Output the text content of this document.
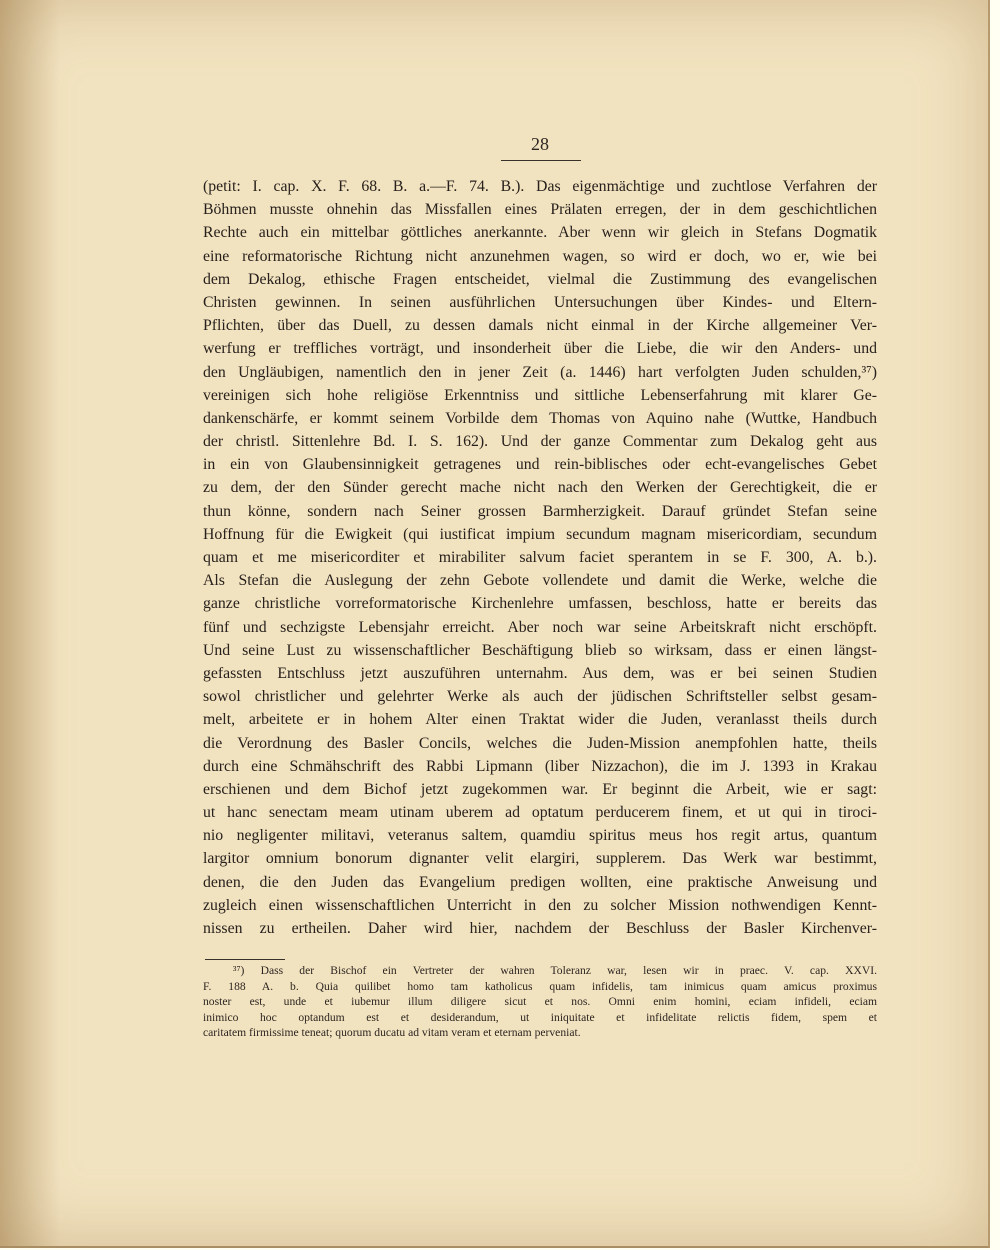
28
(petit: I. cap. X. F. 68. B. a.—F. 74. B.). Das eigenmächtige und zuchtlose Verfahren der
Böhmen musste ohnehin das Missfallen eines Prälaten erregen, der in dem geschichtlichen
Rechte auch ein mittelbar göttliches anerkannte. Aber wenn wir gleich in Stefans Dogmatik
eine reformatorische Richtung nicht anzunehmen wagen, so wird er doch, wo er, wie bei
dem Dekalog, ethische Fragen entscheidet, vielmal die Zustimmung des evangelischen
Christen gewinnen. In seinen ausführlichen Untersuchungen über Kindes- und Eltern-
Pflichten, über das Duell, zu dessen damals nicht einmal in der Kirche allgemeiner Ver-
werfung er treffliches vorträgt, und insonderheit über die Liebe, die wir den Anders- und
den Ungläubigen, namentlich den in jener Zeit (a. 1446) hart verfolgten Juden schulden,³⁷)
vereinigen sich hohe religiöse Erkenntniss und sittliche Lebenserfahrung mit klarer Ge-
dankenschärfe, er kommt seinem Vorbilde dem Thomas von Aquino nahe (Wuttke, Handbuch
der christl. Sittenlehre Bd. I. S. 162). Und der ganze Commentar zum Dekalog geht aus
in ein von Glaubensinnigkeit getragenes und rein-biblisches oder echt-evangelisches Gebet
zu dem, der den Sünder gerecht mache nicht nach den Werken der Gerechtigkeit, die er
thun könne, sondern nach Seiner grossen Barmherzigkeit. Darauf gründet Stefan seine
Hoffnung für die Ewigkeit (qui iustificat impium secundum magnam misericordiam, secundum
quam et me misericorditer et mirabiliter salvum faciet sperantem in se F. 300, A. b.).
Als Stefan die Auslegung der zehn Gebote vollendete und damit die Werke, welche die
ganze christliche vorreformatorische Kirchenlehre umfassen, beschloss, hatte er bereits das
fünf und sechzigste Lebensjahr erreicht. Aber noch war seine Arbeitskraft nicht erschöpft.
Und seine Lust zu wissenschaftlicher Beschäftigung blieb so wirksam, dass er einen längst-
gefassten Entschluss jetzt auszuführen unternahm. Aus dem, was er bei seinen Studien
sowol christlicher und gelehrter Werke als auch der jüdischen Schriftsteller selbst gesam-
melt, arbeitete er in hohem Alter einen Traktat wider die Juden, veranlasst theils durch
die Verordnung des Basler Concils, welches die Juden-Mission anempfohlen hatte, theils
durch eine Schmähschrift des Rabbi Lipmann (liber Nizzachon), die im J. 1393 in Krakau
erschienen und dem Bichof jetzt zugekommen war. Er beginnt die Arbeit, wie er sagt:
ut hanc senectam meam utinam uberem ad optatum perducerem finem, et ut qui in tiroci-
nio negligenter militavi, veteranus saltem, quamdiu spiritus meus hos regit artus, quantum
largitor omnium bonorum dignanter velit elargiri, supplerem. Das Werk war bestimmt,
denen, die den Juden das Evangelium predigen wollten, eine praktische Anweisung und
zugleich einen wissenschaftlichen Unterricht in den zu solcher Mission nothwendigen Kennt-
nissen zu ertheilen. Daher wird hier, nachdem der Beschluss der Basler Kirchenver-
³⁷) Dass der Bischof ein Vertreter der wahren Toleranz war, lesen wir in praec. V. cap. XXVI.
F. 188 A. b. Quia quilibet homo tam katholicus quam infidelis, tam inimicus quam amicus proximus
noster est, unde et iubemur illum diligere sicut et nos. Omni enim homini, eciam infideli, eciam
inimico hoc optandum est et desiderandum, ut iniquitate et infidelitate relictis fidem, spem et
caritatem firmissime teneat; quorum ducatu ad vitam veram et eternam perveniat.
